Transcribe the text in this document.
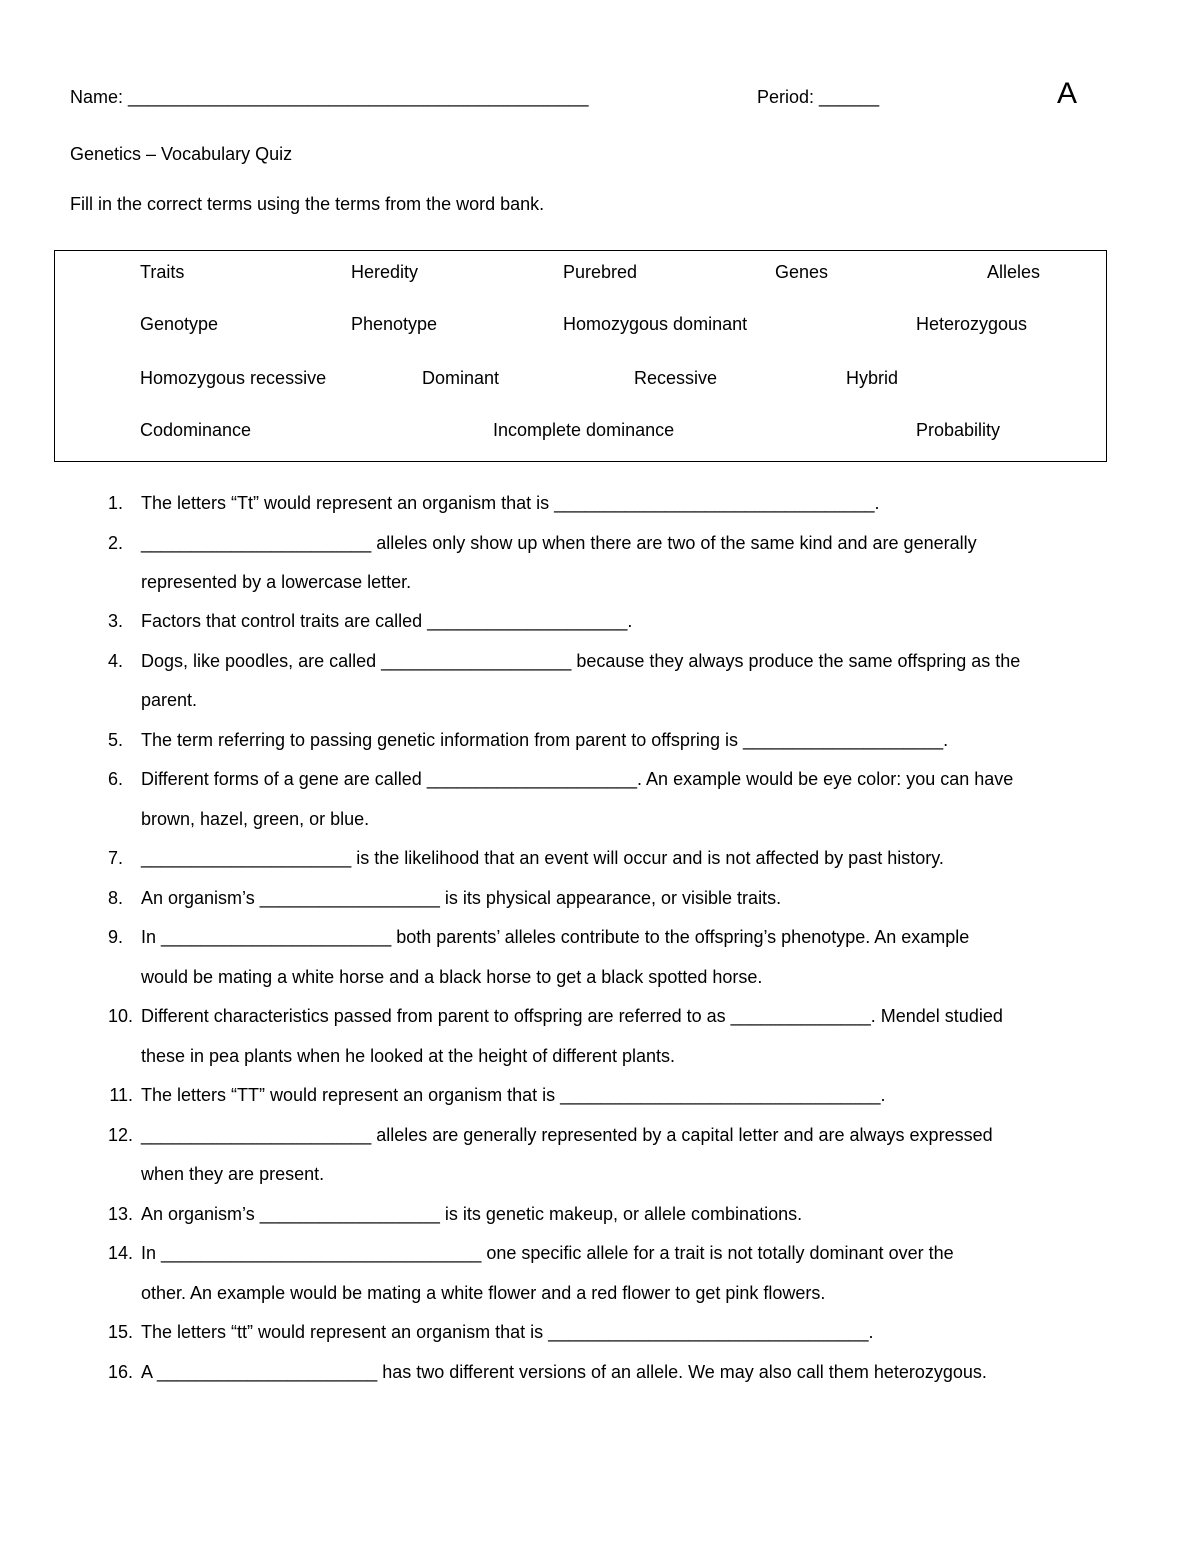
Name: ______________________________________________	Period: ______	A
Genetics – Vocabulary Quiz
Fill in the correct terms using the terms from the word bank.
Traits	Heredity	Purebred	Genes	Alleles
Genotype	Phenotype	Homozygous dominant	Heterozygous
Homozygous recessive	Dominant	Recessive	Hybrid
Codominance	Incomplete dominance	Probability
1. The letters “Tt” would represent an organism that is ________________________________.
2. _______________________ alleles only show up when there are two of the same kind and are generally
represented by a lowercase letter.
3. Factors that control traits are called ____________________.
4. Dogs, like poodles, are called ___________________ because they always produce the same offspring as the
parent.
5. The term referring to passing genetic information from parent to offspring is ____________________.
6. Different forms of a gene are called _____________________. An example would be eye color: you can have
brown, hazel, green, or blue.
7. _____________________ is the likelihood that an event will occur and is not affected by past history.
8. An organism’s __________________ is its physical appearance, or visible traits.
9. In _______________________ both parents’ alleles contribute to the offspring’s phenotype. An example
would be mating a white horse and a black horse to get a black spotted horse.
10. Different characteristics passed from parent to offspring are referred to as ______________. Mendel studied
these in pea plants when he looked at the height of different plants.
11. The letters “TT” would represent an organism that is ________________________________.
12. _______________________ alleles are generally represented by a capital letter and are always expressed
when they are present.
13. An organism’s __________________ is its genetic makeup, or allele combinations.
14. In ________________________________ one specific allele for a trait is not totally dominant over the
other. An example would be mating a white flower and a red flower to get pink flowers.
15. The letters “tt” would represent an organism that is ________________________________.
16. A ______________________ has two different versions of an allele. We may also call them heterozygous.
